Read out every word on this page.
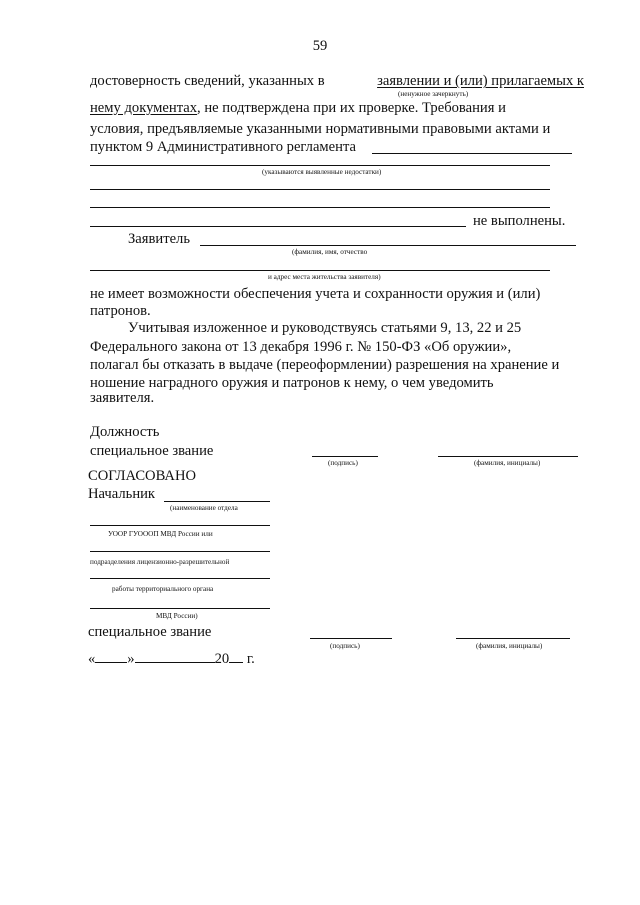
59
достоверность сведений, указанных в	заявлении и (или) прилагаемых к
(ненужное зачеркнуть)
нему документах, не подтверждена при их проверке. Требования и
условия, предъявляемые указанными нормативными правовыми актами и
пунктом 9 Административного регламента
(указываются выявленные недостатки)
не выполнены.
Заявитель
(фамилия, имя, отчество
и адрес места жительства заявителя)
не имеет возможности обеспечения учета и сохранности оружия и (или)
патронов.
Учитывая изложенное и руководствуясь статьями 9, 13, 22 и 25
Федерального закона от 13 декабря 1996 г. № 150-ФЗ «Об оружии»,
полагал бы отказать в выдаче (переоформлении) разрешения на хранение и
ношение наградного оружия и патронов к нему, о чем уведомить
заявителя.
Должность
специальное звание
(подпись)	(фамилия, инициалы)
СОГЛАСОВАНО
Начальник
(наименование отдела
УООР ГУОООП МВД России или
подразделения лицензионно-разрешительной
работы территориального органа
МВД России)
специальное звание
(подпись)	(фамилия, инициалы)
« »	20 г.
